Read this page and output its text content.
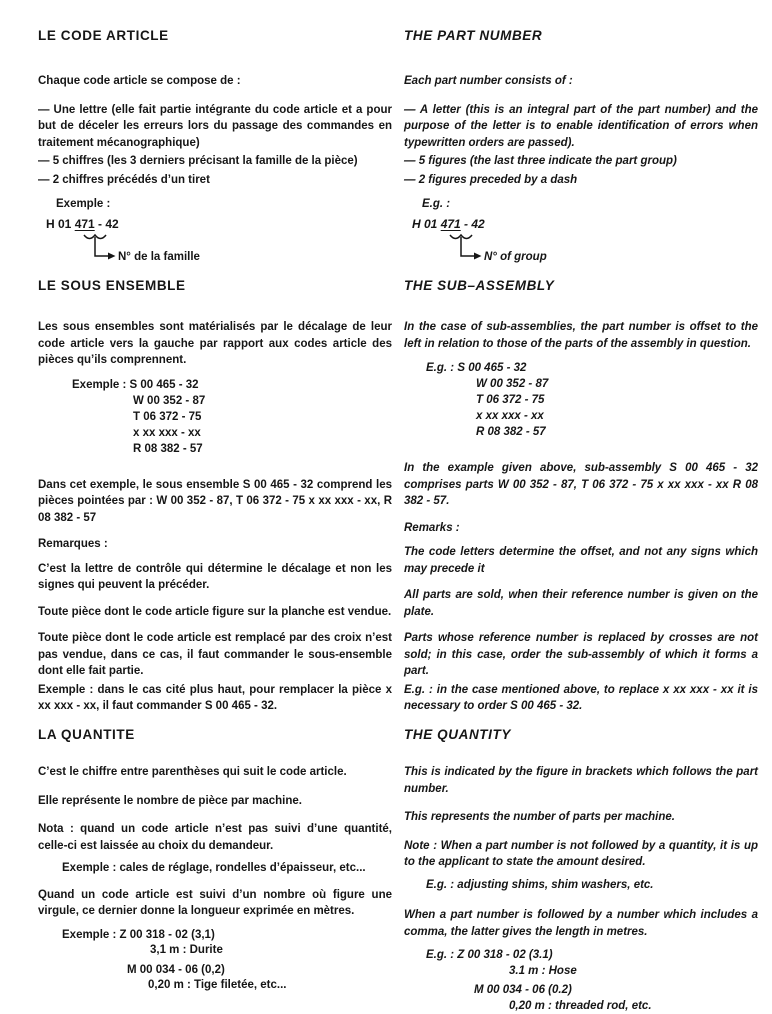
LE CODE ARTICLE

Chaque code article se compose de :

— Une lettre (elle fait partie intégrante du code article et a pour but de déceler les erreurs lors du passage des commandes en traitement mécanographique)

— 5 chiffres (les 3 derniers précisant la famille de la pièce)

— 2 chiffres précédés d’un tiret

Exemple :

H 01 471 - 42
N° de la famille
LE SOUS ENSEMBLE

Les sous ensembles sont matérialisés par le décalage de leur code article vers la gauche par rapport aux codes article des pièces qu’ils comprennent.

Exemple : S 00 465 - 32
W 00 352 - 87
T 06 372 - 75
x xx xxx - xx
R 08 382 - 57

Dans cet exemple, le sous ensemble S 00 465 - 32 comprend les pièces pointées par : W 00 352 - 87, T 06 372 - 75 x xx xxx - xx, R 08 382 - 57

Remarques :

C’est la lettre de contrôle qui détermine le décalage et non les signes qui peuvent la précéder.

Toute pièce dont le code article figure sur la planche est vendue.

Toute pièce dont le code article est remplacé par des croix n’est pas vendue, dans ce cas, il faut commander le sous-ensemble dont elle fait partie.

Exemple : dans le cas cité plus haut, pour remplacer la pièce x xx xxx - xx, il faut commander S 00 465 - 32.

LA QUANTITE

C’est le chiffre entre parenthèses qui suit le code article.

Elle représente le nombre de pièce par machine.

Nota : quand un code article n’est pas suivi d’une quantité, celle-ci est laissée au choix du demandeur.

Exemple : cales de réglage, rondelles d’épaisseur, etc...

Quand un code article est suivi d’un nombre où figure une virgule, ce dernier donne la longueur exprimée en mètres.

Exemple : Z 00 318 - 02 (3,1)

3,1 m : Durite

M 00 034 - 06 (0,2)

0,20 m : Tige filetée, etc...

THE PART NUMBER

Each part number consists of :

— A letter (this is an integral part of the part number) and the purpose of the letter is to enable identification of errors when typewritten orders are passed).

— 5 figures (the last three indicate the part group)

— 2 figures preceded by a dash

E.g. :

H 01 471 - 42
N° of group
THE SUB–ASSEMBLY

In the case of sub-assemblies, the part number is offset to the left in relation to those of the parts of the assembly in question.

E.g. : S 00 465 - 32
W 00 352 - 87
T 06 372 - 75
x xx xxx - xx
R 08 382 - 57

In the example given above, sub-assembly S 00 465 - 32 comprises parts W 00 352 - 87, T 06 372 - 75 x xx xxx - xx R 08 382 - 57.

Remarks :

The code letters determine the offset, and not any signs which may precede it

All parts are sold, when their reference number is given on the plate.

Parts whose reference number is replaced by crosses are not sold; in this case, order the sub-assembly of which it forms a part.

E.g. : in the case mentioned above, to replace x xx xxx - xx it is necessary to order S 00 465 - 32.

THE QUANTITY

This is indicated by the figure in brackets which follows the part number.

This represents the number of parts per machine.

Note : When a part number is not followed by a quantity, it is up to the applicant to state the amount desired.

E.g. : adjusting shims, shim washers, etc.

When a part number is followed by a number which includes a comma, the latter gives the length in metres.

E.g. : Z 00 318 - 02 (3.1)

3.1 m : Hose

M 00 034 - 06 (0.2)

0,20 m : threaded rod, etc.
